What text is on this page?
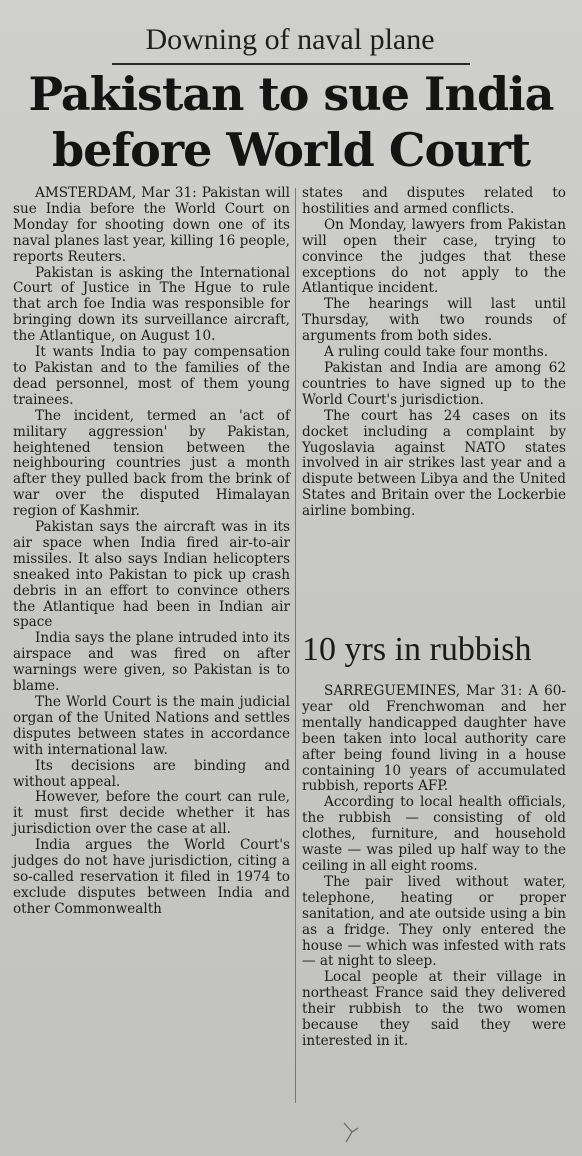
Downing of naval plane
Pakistan to sue India
before World Court

AMSTERDAM, Mar 31: Pakistan will sue India before the World Court on Monday for shooting down one of its naval planes last year, killing 16 people, reports Reuters.

Pakistan is asking the International Court of Justice in The Hgue to rule that arch foe India was responsible for bringing down its surveillance aircraft, the Atlantique, on August 10.

It wants India to pay compensation to Pakistan and to the families of the dead personnel, most of them young trainees.

The incident, termed an 'act of military aggression' by Pakistan, heightened tension between the neighbouring countries just a month after they pulled back from the brink of war over the disputed Himalayan region of Kashmir.

Pakistan says the aircraft was in its air space when India fired air-to-air missiles. It also says Indian helicopters sneaked into Pakistan to pick up crash debris in an effort to convince others the Atlantique had been in Indian air space

India says the plane intruded into its airspace and was fired on after warnings were given, so Pakistan is to blame.

The World Court is the main judicial organ of the United Nations and settles disputes between states in accordance with international law.

Its decisions are binding and without appeal.

However, before the court can rule, it must first decide whether it has jurisdiction over the case at all.

India argues the World Court's judges do not have jurisdiction, citing a so-called reservation it filed in 1974 to exclude disputes between India and other Commonwealth

states and disputes related to hostilities and armed conflicts.

On Monday, lawyers from Pakistan will open their case, trying to convince the judges that these exceptions do not apply to the Atlantique incident.

The hearings will last until Thursday, with two rounds of arguments from both sides.

A ruling could take four months.

Pakistan and India are among 62 countries to have signed up to the World Court's jurisdiction.

The court has 24 cases on its docket including a complaint by Yugoslavia against NATO states involved in air strikes last year and a dispute between Libya and the United States and Britain over the Lockerbie airline bombing.

10 yrs in rubbish

SARREGUEMINES, Mar 31: A 60-year old Frenchwoman and her mentally handicapped daughter have been taken into local authority care after being found living in a house containing 10 years of accumulated rubbish, reports AFP.

According to local health officials, the rubbish — consisting of old clothes, furniture, and household waste — was piled up half way to the ceiling in all eight rooms.

The pair lived without water, telephone, heating or proper sanitation, and ate outside using a bin as a fridge. They only entered the house — which was infested with rats — at night to sleep.

Local people at their village in northeast France said they delivered their rubbish to the two women because they said they were interested in it.
